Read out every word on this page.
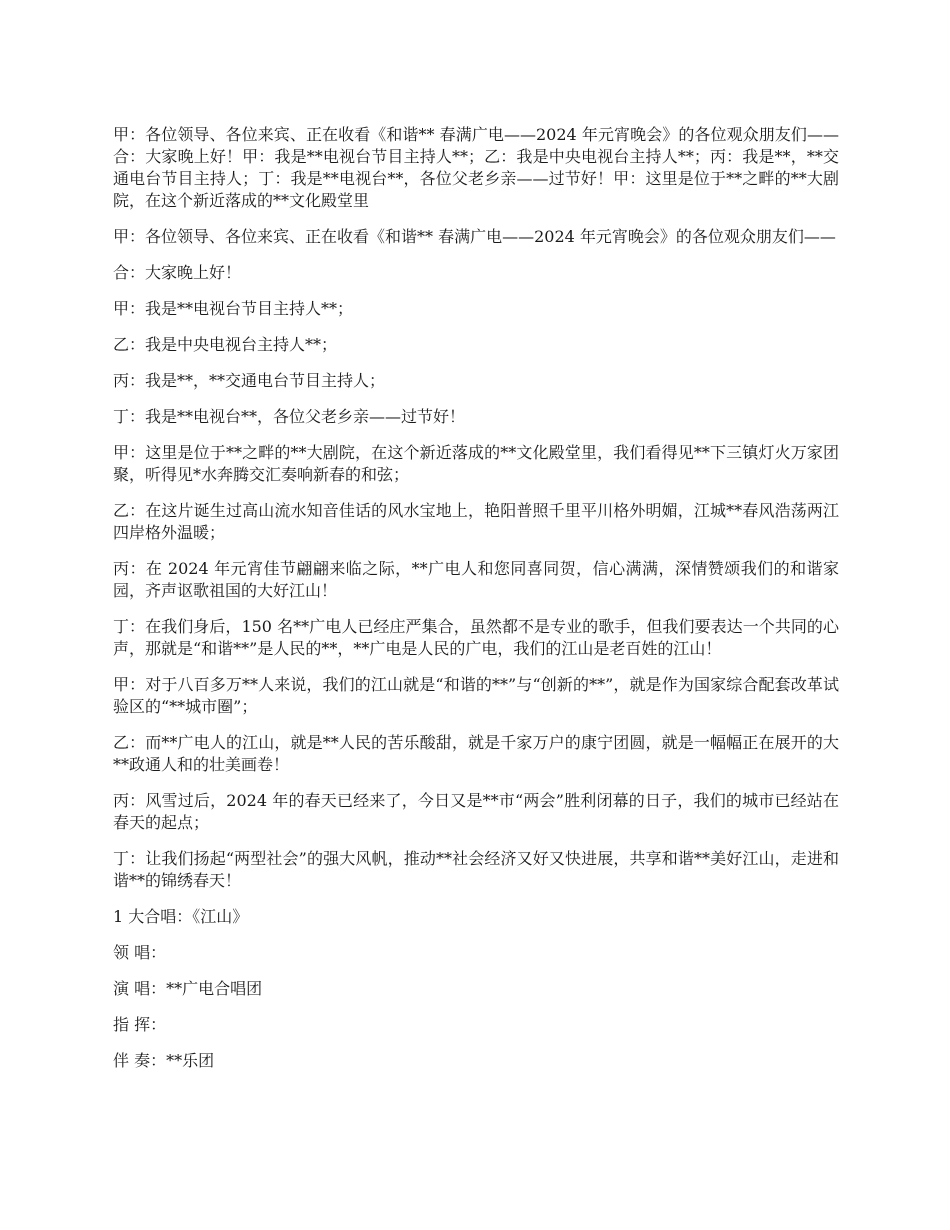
甲：各位领导、各位来宾、正在收看《和谐** 春满广电——2024 年元宵晚会》的各位观众朋友们——合：大家晚上好！甲：我是**电视台节目主持人**；乙：我是中央电视台主持人**；丙：我是**，**交通电台节目主持人；丁：我是**电视台**，各位父老乡亲——过节好！甲：这里是位于**之畔的**大剧院，在这个新近落成的**文化殿堂里

甲：各位领导、各位来宾、正在收看《和谐** 春满广电——2024 年元宵晚会》的各位观众朋友们——

合：大家晚上好！

甲：我是**电视台节目主持人**；

乙：我是中央电视台主持人**；

丙：我是**，**交通电台节目主持人；

丁：我是**电视台**，各位父老乡亲——过节好！

甲：这里是位于**之畔的**大剧院，在这个新近落成的**文化殿堂里，我们看得见**下三镇灯火万家团聚，听得见*水奔腾交汇奏响新春的和弦；

乙：在这片诞生过高山流水知音佳话的风水宝地上，艳阳普照千里平川格外明媚，江城**春风浩荡两江四岸格外温暖；

丙：在 2024 年元宵佳节翩翩来临之际，**广电人和您同喜同贺，信心满满，深情赞颂我们的和谐家园，齐声讴歌祖国的大好江山！

丁：在我们身后，150 名**广电人已经庄严集合，虽然都不是专业的歌手，但我们要表达一个共同的心声，那就是“和谐**”是人民的**，**广电是人民的广电，我们的江山是老百姓的江山！

甲：对于八百多万**人来说，我们的江山就是“和谐的**”与“创新的**”，就是作为国家综合配套改革试验区的“**城市圈”；

乙：而**广电人的江山，就是**人民的苦乐酸甜，就是千家万户的康宁团圆，就是一幅幅正在展开的大**政通人和的壮美画卷！

丙：风雪过后，2024 年的春天已经来了，今日又是**市“两会”胜利闭幕的日子，我们的城市已经站在春天的起点；

丁：让我们扬起“两型社会”的强大风帆，推动**社会经济又好又快进展，共享和谐**美好江山，走进和谐**的锦绣春天！

1 大合唱：《江山》

领 唱：

演 唱：**广电合唱团

指 挥：

伴 奏：**乐团
